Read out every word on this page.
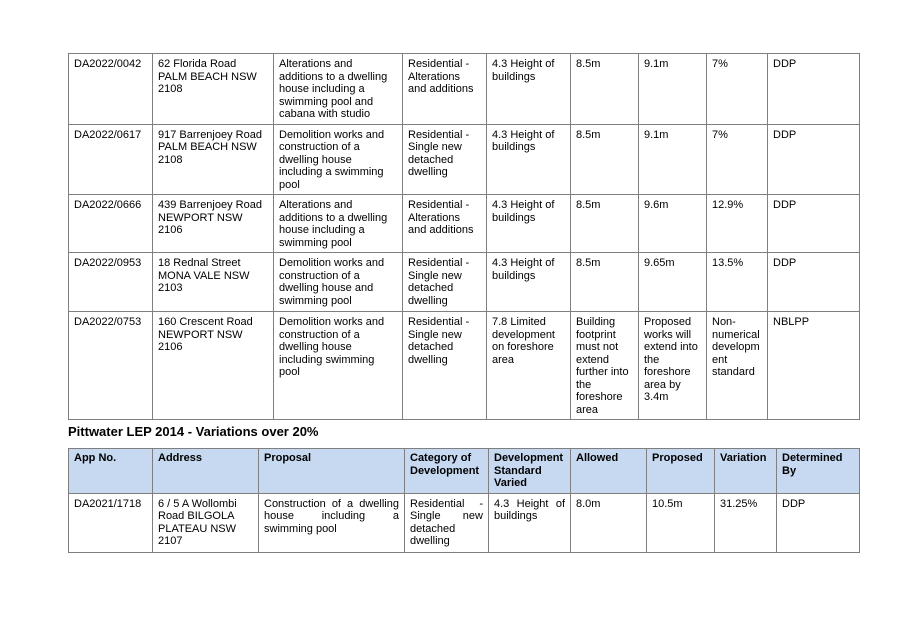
DA2022/0042	62 Florida Road PALM BEACH NSW 2108	Alterations and additions to a dwelling house including a swimming pool and cabana with studio	Residential - Alterations and additions	4.3 Height of buildings	8.5m	9.1m	7%	DDP
DA2022/0617	917 Barrenjoey Road PALM BEACH NSW 2108	Demolition works and construction of a dwelling house including a swimming pool	Residential - Single new detached dwelling	4.3 Height of buildings	8.5m	9.1m	7%	DDP
DA2022/0666	439 Barrenjoey Road NEWPORT NSW 2106	Alterations and additions to a dwelling house including a swimming pool	Residential - Alterations and additions	4.3 Height of buildings	8.5m	9.6m	12.9%	DDP
DA2022/0953	18 Rednal Street MONA VALE NSW 2103	Demolition works and construction of a dwelling house and swimming pool	Residential - Single new detached dwelling	4.3 Height of buildings	8.5m	9.65m	13.5%	DDP
DA2022/0753	160 Crescent Road NEWPORT NSW 2106	Demolition works and construction of a dwelling house including swimming pool	Residential - Single new detached dwelling	7.8 Limited development on foreshore area	Building footprint must not extend further into the foreshore area	Proposed works will extend into the foreshore area by 3.4m	Non-numerical development standard	NBLPP
Pittwater LEP 2014 - Variations over 20%
App No.	Address	Proposal	Category of Development	Development Standard Varied	Allowed	Proposed	Variation	Determined By
DA2021/1718	6 / 5 A Wollombi Road BILGOLA PLATEAU NSW 2107	Construction of a dwelling house including a swimming pool	Residential - Single new detached dwelling	4.3 Height of buildings	8.0m	10.5m	31.25%	DDP
